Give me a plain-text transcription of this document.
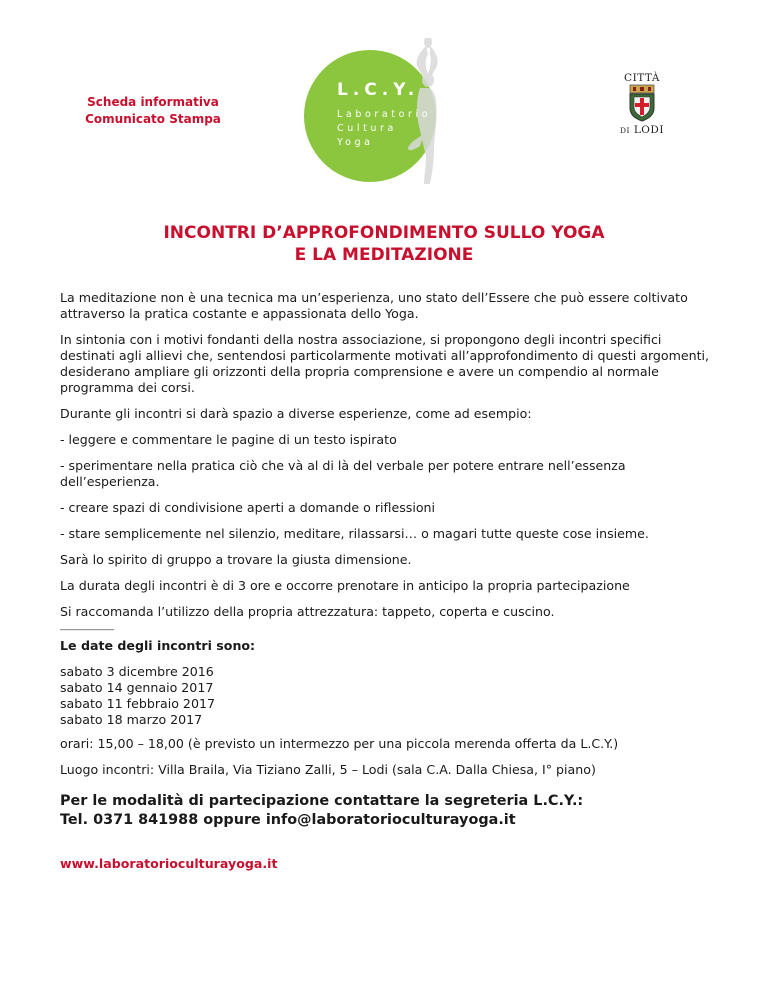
Scheda informativa
Comunicato Stampa
L.C.Y.
Laboratorio
Cultura
Yoga
CITTÀ
DI LODI
INCONTRI D’APPROFONDIMENTO SULLO YOGA
E LA MEDITAZIONE

La meditazione non è una tecnica ma un’esperienza, uno stato dell’Essere che può essere coltivato attraverso la pratica costante e appassionata dello Yoga.

In sintonia con i motivi fondanti della nostra associazione, si propongono degli incontri specifici destinati agli allievi che, sentendosi particolarmente motivati all’approfondimento di questi argomenti, desiderano ampliare gli orizzonti della propria comprensione e avere un compendio al normale programma dei corsi.

Durante gli incontri si darà spazio a diverse esperienze, come ad esempio:

- leggere e commentare le pagine di un testo ispirato

- sperimentare nella pratica ciò che và al di là del verbale per potere entrare nell’essenza dell’esperienza.

- creare spazi di condivisione aperti a domande o riflessioni

- stare semplicemente nel silenzio, meditare, rilassarsi… o magari tutte queste cose insieme.

Sarà lo spirito di gruppo a trovare la giusta dimensione.

La durata degli incontri è di 3 ore e occorre prenotare in anticipo la propria partecipazione

Si raccomanda l’utilizzo della propria attrezzatura: tappeto, coperta e cuscino.

____________

Le date degli incontri sono:

sabato 3 dicembre 2016
sabato 14 gennaio 2017
sabato 11 febbraio 2017
sabato 18 marzo 2017

orari: 15,00 – 18,00 (è previsto un intermezzo per una piccola merenda offerta da L.C.Y.)

Luogo incontri: Villa Braila, Via Tiziano Zalli, 5 – Lodi (sala C.A. Dalla Chiesa, I° piano)

Per le modalità di partecipazione contattare la segreteria L.C.Y.:
Tel. 0371 841988 oppure info@laboratorioculturayoga.it
www.laboratorioculturayoga.it
